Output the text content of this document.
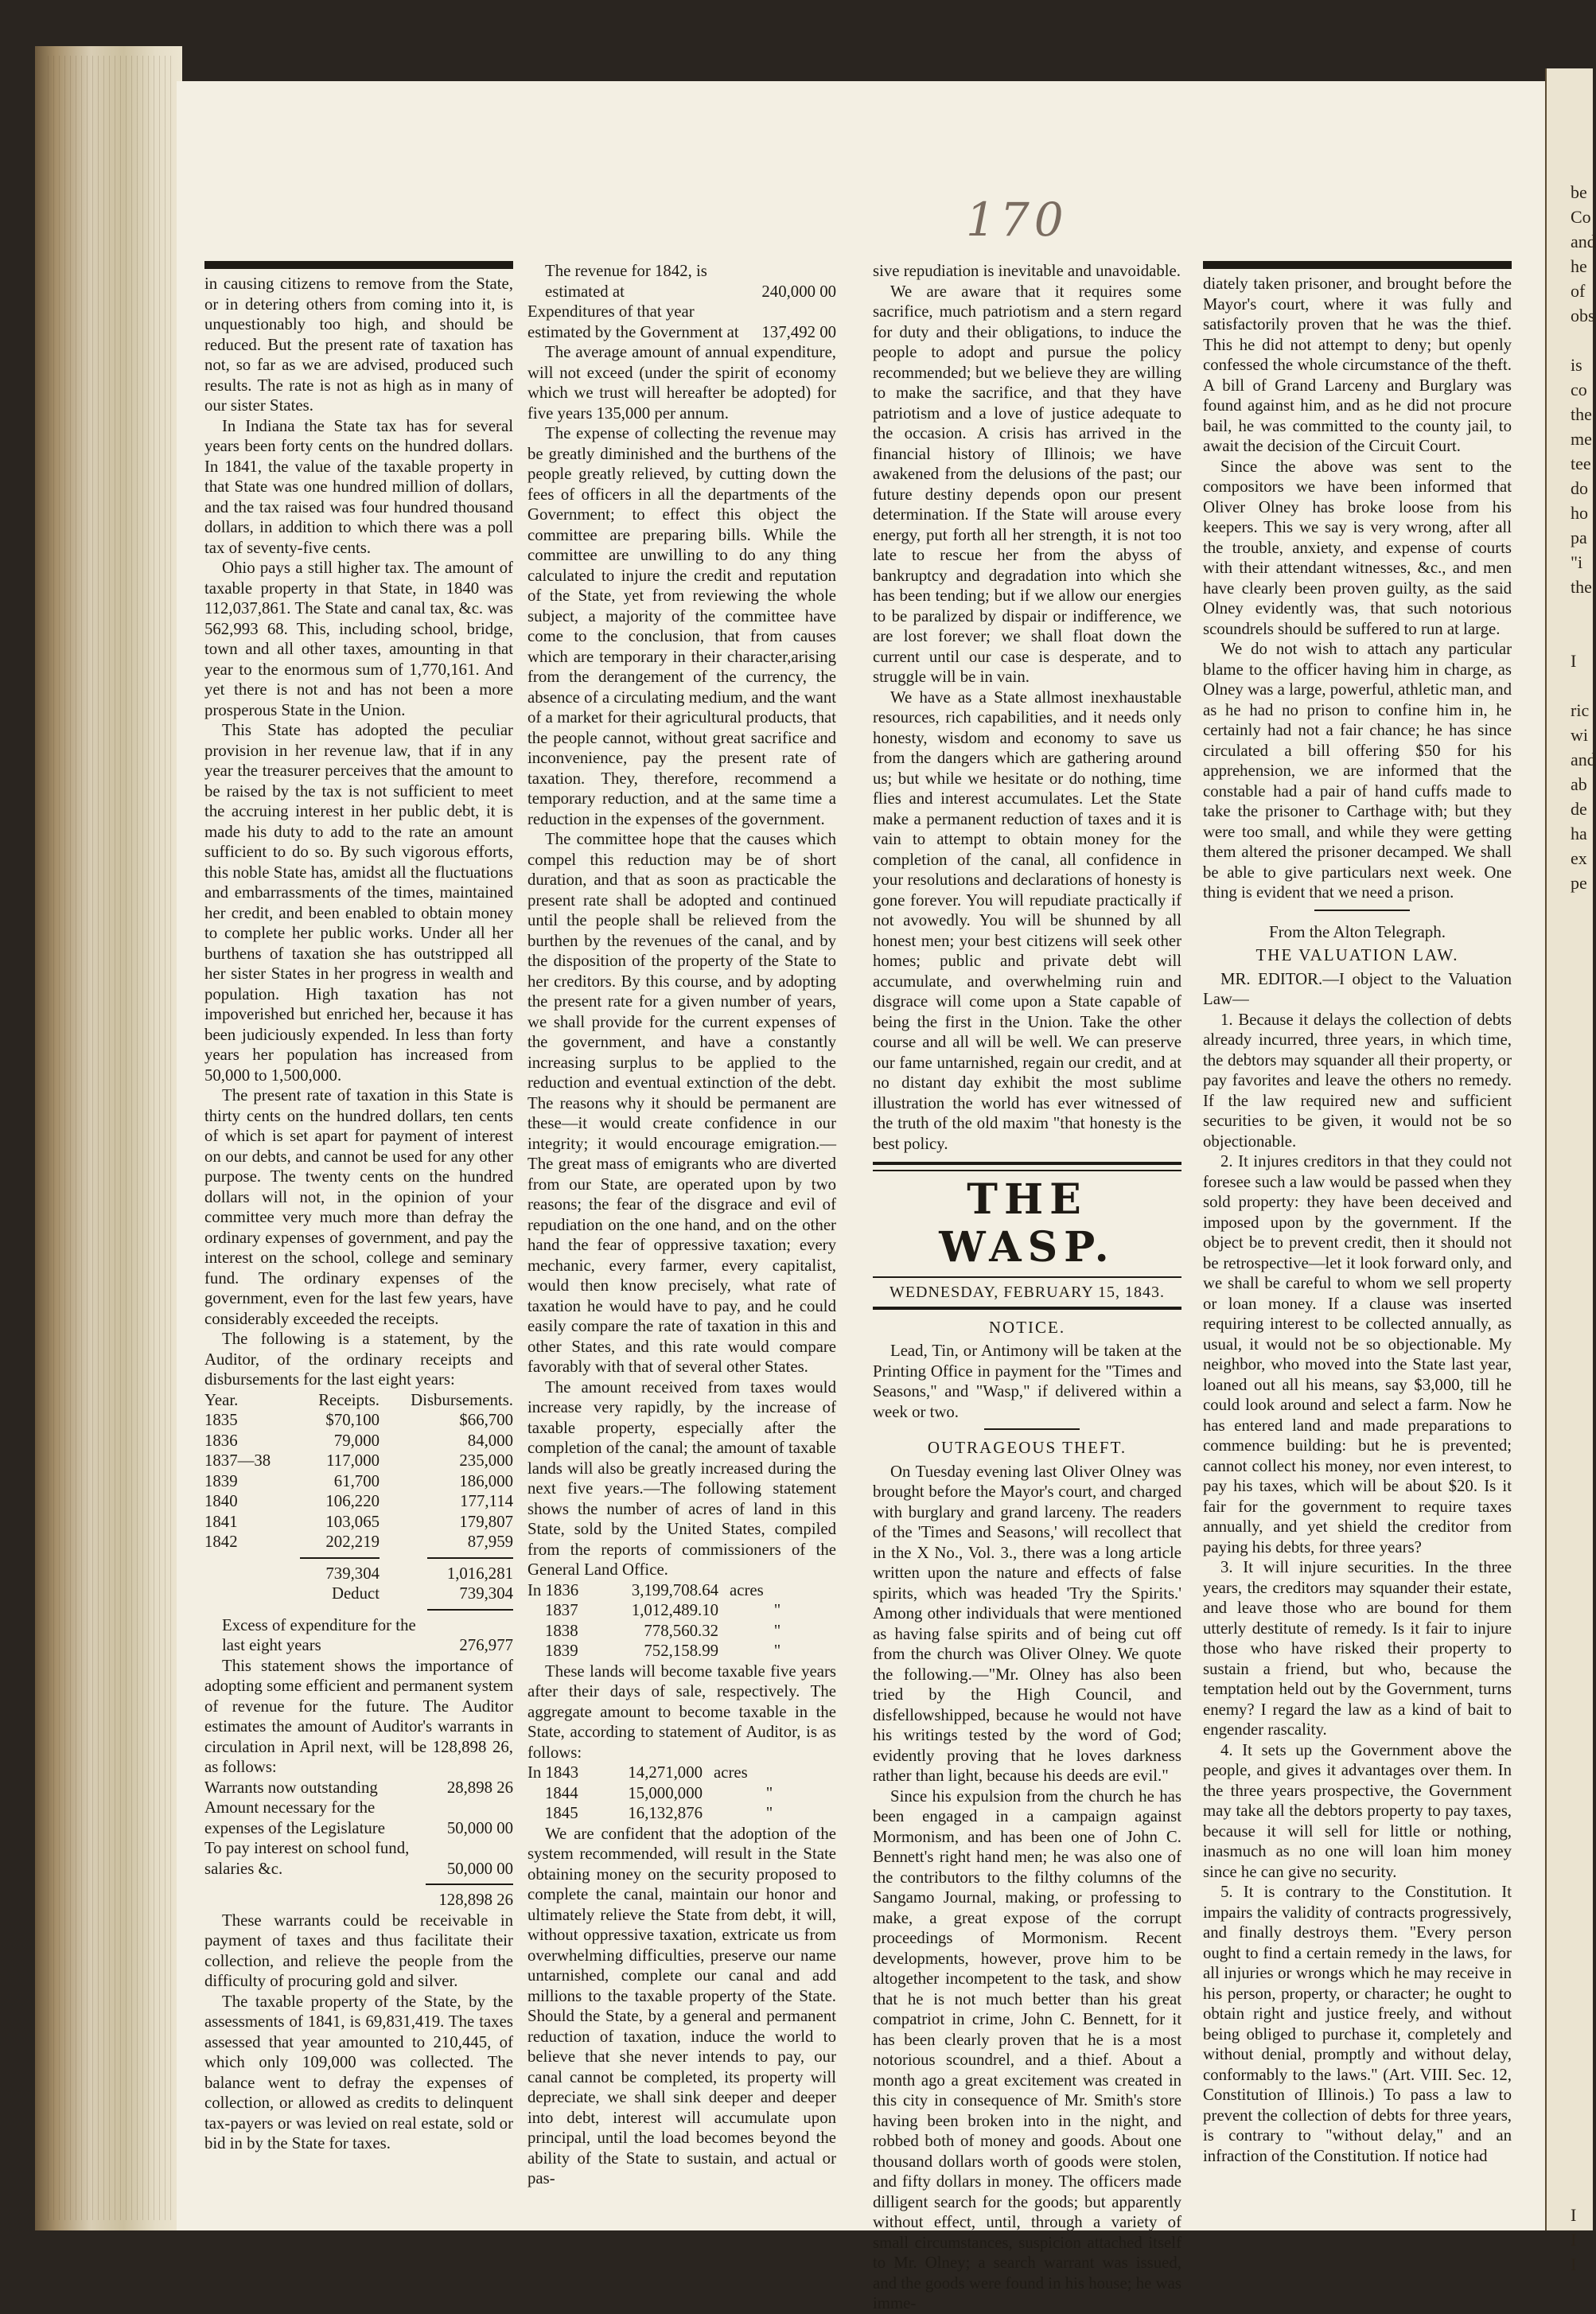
170

in causing citizens to remove from the State, or in detering others from coming into it, is unquestionably too high, and should be reduced. But the present rate of taxation has not, so far as we are advised, produced such results. The rate is not as high as in many of our sister States.

In Indiana the State tax has for several years been forty cents on the hundred dollars. In 1841, the value of the taxable property in that State was one hundred million of dollars, and the tax raised was four hundred thousand dollars, in addition to which there was a poll tax of seventy-five cents.

Ohio pays a still higher tax. The amount of taxable property in that State, in 1840 was 112,037,861. The State and canal tax, &c. was 562,993 68. This, including school, bridge, town and all other taxes, amounting in that year to the enormous sum of 1,770,161. And yet there is not and has not been a more prosperous State in the Union.

This State has adopted the peculiar provision in her revenue law, that if in any year the treasurer perceives that the amount to be raised by the tax is not sufficient to meet the accruing interest in her public debt, it is made his duty to add to the rate an amount sufficient to do so. By such vigorous efforts, this noble State has, amidst all the fluctuations and embarrassments of the times, maintained her credit, and been enabled to obtain money to complete her public works. Under all her burthens of taxation she has outstripped all her sister States in her progress in wealth and population. High taxation has not impoverished but enriched her, because it has been judiciously expended. In less than forty years her population has increased from 50,000 to 1,500,000.

The present rate of taxation in this State is thirty cents on the hundred dollars, ten cents of which is set apart for payment of interest on our debts, and cannot be used for any other purpose. The twenty cents on the hundred dollars will not, in the opinion of your committee very much more than defray the ordinary expenses of government, and pay the interest on the school, college and seminary fund. The ordinary expenses of the government, even for the last few years, have considerably exceeded the receipts.

The following is a statement, by the Auditor, of the ordinary receipts and disbursements for the last eight years:

Year.	Receipts.	Disbursements.
1835	$70,100	$66,700
1836	79,000	84,000
1837—38	117,000	235,000
1839	61,700	186,000
1840	106,220	177,114
1841	103,065	179,807
1842	202,219	87,959

	739,304	1,016,281
	Deduct	739,304

Excess of expenditure for the last eight years	276,977

This statement shows the importance of adopting some efficient and permanent system of revenue for the future. The Auditor estimates the amount of Auditor's warrants in circulation in April next, will be 128,898 26, as follows:

Warrants now outstanding	28,898 26
Amount necessary for the expenses of the Legislature	50,000 00
To pay interest on school fund, salaries &c.	50,000 00

	128,898 26

These warrants could be receivable in payment of taxes and thus facilitate their collection, and relieve the people from the difficulty of procuring gold and silver.

The taxable property of the State, by the assessments of 1841, is 69,831,419. The taxes assessed that year amounted to 210,445, of which only 109,000 was collected. The balance went to defray the expenses of collection, or allowed as credits to delinquent tax-payers or was levied on real estate, sold or bid in by the State for taxes.

The revenue for 1842, is estimated at	240,000 00
Expenditures of that year estimated by the Government at	137,492 00

The average amount of annual expenditure, will not exceed (under the spirit of economy which we trust will hereafter be adopted) for five years 135,000 per annum.

The expense of collecting the revenue may be greatly diminished and the burthens of the people greatly relieved, by cutting down the fees of officers in all the departments of the Government; to effect this object the committee are preparing bills. While the committee are unwilling to do any thing calculated to injure the credit and reputation of the State, yet from reviewing the whole subject, a majority of the committee have come to the conclusion, that from causes which are temporary in their character,arising from the derangement of the currency, the absence of a circulating medium, and the want of a market for their agricultural products, that the people cannot, without great sacrifice and inconvenience, pay the present rate of taxation. They, therefore, recommend a temporary reduction, and at the same time a reduction in the expenses of the government.

The committee hope that the causes which compel this reduction may be of short duration, and that as soon as practicable the present rate shall be adopted and continued until the people shall be relieved from the burthen by the revenues of the canal, and by the disposition of the property of the State to her creditors. By this course, and by adopting the present rate for a given number of years, we shall provide for the current expenses of the government, and have a constantly increasing surplus to be applied to the reduction and eventual extinction of the debt. The reasons why it should be permanent are these—it would create confidence in our integrity; it would encourage emigration.—The great mass of emigrants who are diverted from our State, are operated upon by two reasons; the fear of the disgrace and evil of repudiation on the one hand, and on the other hand the fear of oppressive taxation; every mechanic, every farmer, every capitalist, would then know precisely, what rate of taxation he would have to pay, and he could easily compare the rate of taxation in this and other States, and this rate would compare favorably with that of several other States.

The amount received from taxes would increase very rapidly, by the increase of taxable property, especially after the completion of the canal; the amount of taxable lands will also be greatly increased during the next five years.—The following statement shows the number of acres of land in this State, sold by the United States, compiled from the reports of commissioners of the General Land Office.

In 1836	3,199,708.64	acres
1837	1,012,489.10	"
1838	778,560.32	"
1839	752,158.99	"

These lands will become taxable five years after their days of sale, respectively. The aggregate amount to become taxable in the State, according to statement of Auditor, is as follows:

In 1843	14,271,000	acres
1844	15,000,000	"
1845	16,132,876	"

We are confident that the adoption of the system recommended, will result in the State obtaining money on the security proposed to complete the canal, maintain our honor and ultimately relieve the State from debt, it will, without oppressive taxation, extricate us from overwhelming difficulties, preserve our name untarnished, complete our canal and add millions to the taxable property of the State. Should the State, by a general and permanent reduction of taxation, induce the world to believe that she never intends to pay, our canal cannot be completed, its property will depreciate, we shall sink deeper and deeper into debt, interest will accumulate upon principal, until the load becomes beyond the ability of the State to sustain, and actual or pas-

sive repudiation is inevitable and unavoidable.

We are aware that it requires some sacrifice, much patriotism and a stern regard for duty and their obligations, to induce the people to adopt and pursue the policy recommended; but we believe they are willing to make the sacrifice, and that they have patriotism and a love of justice adequate to the occasion. A crisis has arrived in the financial history of Illinois; we have awakened from the delusions of the past; our future destiny depends opon our present determination. If the State will arouse every energy, put forth all her strength, it is not too late to rescue her from the abyss of bankruptcy and degradation into which she has been tending; but if we allow our energies to be paralized by dispair or indifference, we are lost forever; we shall float down the current until our case is desperate, and to struggle will be in vain.

We have as a State allmost inexhaustable resources, rich capabilities, and it needs only honesty, wisdom and economy to save us from the dangers which are gathering around us; but while we hesitate or do nothing, time flies and interest accumulates. Let the State make a permanent reduction of taxes and it is vain to attempt to obtain money for the completion of the canal, all confidence in your resolutions and declarations of honesty is gone forever. You will repudiate practically if not avowedly. You will be shunned by all honest men; your best citizens will seek other homes; public and private debt will accumulate, and overwhelming ruin and disgrace will come upon a State capable of being the first in the Union. Take the other course and all will be well. We can preserve our fame untarnished, regain our credit, and at no distant day exhibit the most sublime illustration the world has ever witnessed of the truth of the old maxim "that honesty is the best policy.

THE WASP.
WEDNESDAY, FEBRUARY 15, 1843.
NOTICE.

Lead, Tin, or Antimony will be taken at the Printing Office in payment for the "Times and Seasons," and "Wasp," if delivered within a week or two.

OUTRAGEOUS THEFT.

On Tuesday evening last Oliver Olney was brought before the Mayor's court, and charged with burglary and grand larceny. The readers of the 'Times and Seasons,' will recollect that in the X No., Vol. 3., there was a long article written upon the nature and effects of false spirits, which was headed 'Try the Spirits.' Among other individuals that were mentioned as having false spirits and of being cut off from the church was Oliver Olney. We quote the following.—"Mr. Olney has also been tried by the High Council, and disfellowshipped, because he would not have his writings tested by the word of God; evidently proving that he loves darkness rather than light, because his deeds are evil."

Since his expulsion from the church he has been engaged in a campaign against Mormonism, and has been one of John C. Bennett's right hand men; he was also one of the contributors to the filthy columns of the Sangamo Journal, making, or professing to make, a great expose of the corrupt proceedings of Mormonism. Recent developments, however, prove him to be altogether incompetent to the task, and show that he is not much better than his great compatriot in crime, John C. Bennett, for it has been clearly proven that he is a most notorious scoundrel, and a thief. About a month ago a great excitement was created in this city in consequence of Mr. Smith's store having been broken into in the night, and robbed both of money and goods. About one thousand dollars worth of goods were stolen, and fifty dollars in money. The officers made dilligent search for the goods; but apparently without effect, until, through a variety of small circumstances, suspicion attached itself to Mr. Olney; a search warrant was issued, and the goods were found in his house; he was imme-

diately taken prisoner, and brought before the Mayor's court, where it was fully and satisfactorily proven that he was the thief. This he did not attempt to deny; but openly confessed the whole circumstance of the theft. A bill of Grand Larceny and Burglary was found against him, and as he did not procure bail, he was committed to the county jail, to await the decision of the Circuit Court.

Since the above was sent to the compositors we have been informed that Oliver Olney has broke loose from his keepers. This we say is very wrong, after all the trouble, anxiety, and expense of courts with their attendant witnesses, &c., and men have clearly been proven guilty, as the said Olney evidently was, that such notorious scoundrels should be suffered to run at large.

We do not wish to attach any particular blame to the officer having him in charge, as Olney was a large, powerful, athletic man, and as he had no prison to confine him in, he certainly had not a fair chance; he has since circulated a bill offering $50 for his apprehension, we are informed that the constable had a pair of hand cuffs made to take the prisoner to Carthage with; but they were too small, and while they were getting them altered the prisoner decamped. We shall be able to give particulars next week. One thing is evident that we need a prison.

From the Alton Telegraph.
THE VALUATION LAW.

MR. EDITOR.—I object to the Valuation Law—

1. Because it delays the collection of debts already incurred, three years, in which time, the debtors may squander all their property, or pay favorites and leave the others no remedy. If the law required new and sufficient securities to be given, it would not be so objectionable.

2. It injures creditors in that they could not foresee such a law would be passed when they sold property: they have been deceived and imposed upon by the government. If the object be to prevent credit, then it should not be retrospective—let it look forward only, and we shall be careful to whom we sell property or loan money. If a clause was inserted requiring interest to be collected annually, as usual, it would not be so objectionable. My neighbor, who moved into the State last year, loaned out all his means, say $3,000, till he could look around and select a farm. Now he has entered land and made preparations to commence building: but he is prevented; cannot collect his money, nor even interest, to pay his taxes, which will be about $20. Is it fair for the government to require taxes annually, and yet shield the creditor from paying his debts, for three years?

3. It will injure securities. In the three years, the creditors may squander their estate, and leave those who are bound for them utterly destitute of remedy. Is it fair to injure those who have risked their property to sustain a friend, but who, because the temptation held out by the Government, turns enemy? I regard the law as a kind of bait to engender rascality.

4. It sets up the Government above the people, and gives it advantages over them. In the three years prospective, the Government may take all the debtors property to pay taxes, because it will sell for little or nothing, inasmuch as no one will loan him money since he can give no security.

5. It is contrary to the Constitution. It impairs the validity of contracts progressively, and finally destroys them. "Every person ought to find a certain remedy in the laws, for all injuries or wrongs which he may receive in his person, property, or character; he ought to obtain right and justice freely, and without being obliged to purchase it, completely and without denial, promptly and without delay, conformably to the laws." (Art. VIII. Sec. 12, Constitution of Illinois.) To pass a law to prevent the collection of debts for three years, is contrary to "without delay," and an infraction of the Constitution. If notice had

be
Co
and
he
of
obs

is
co
the
me
tee
do
ho
pa
"i
the

I

ric
wi
and
ab
de
ha
ex
pe

I
I
I
